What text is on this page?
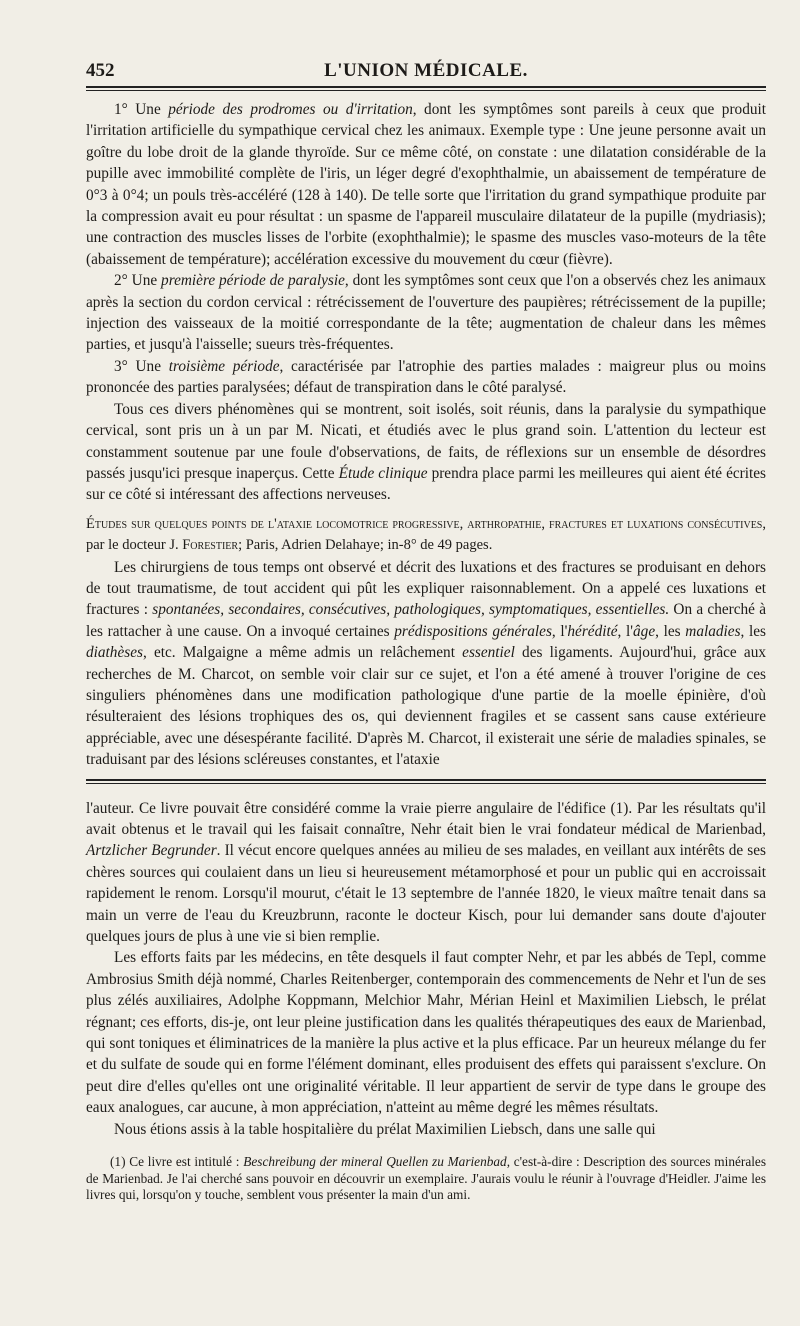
452	L'UNION MÉDICALE.

1° Une période des prodromes ou d'irritation, dont les symptômes sont pareils à ceux que produit l'irritation artificielle du sympathique cervical chez les animaux. Exemple type : Une jeune personne avait un goître du lobe droit de la glande thyroïde. Sur ce même côté, on constate : une dilatation considérable de la pupille avec immobilité complète de l'iris, un léger degré d'exophthalmie, un abaissement de température de 0°3 à 0°4; un pouls très-accéléré (128 à 140). De telle sorte que l'irritation du grand sympathique produite par la compression avait eu pour résultat : un spasme de l'appareil musculaire dilatateur de la pupille (mydriasis); une contraction des muscles lisses de l'orbite (exophthalmie); le spasme des muscles vaso-moteurs de la tête (abaissement de température); accélération excessive du mouvement du cœur (fièvre).

2° Une première période de paralysie, dont les symptômes sont ceux que l'on a observés chez les animaux après la section du cordon cervical : rétrécissement de l'ouverture des paupières; rétrécissement de la pupille; injection des vaisseaux de la moitié correspondante de la tête; augmentation de chaleur dans les mêmes parties, et jusqu'à l'aisselle; sueurs très-fréquentes.

3° Une troisième période, caractérisée par l'atrophie des parties malades : maigreur plus ou moins prononcée des parties paralysées; défaut de transpiration dans le côté paralysé.

Tous ces divers phénomènes qui se montrent, soit isolés, soit réunis, dans la paralysie du sympathique cervical, sont pris un à un par M. Nicati, et étudiés avec le plus grand soin. L'attention du lecteur est constamment soutenue par une foule d'observations, de faits, de réflexions sur un ensemble de désordres passés jusqu'ici presque inaperçus. Cette Étude clinique prendra place parmi les meilleures qui aient été écrites sur ce côté si intéressant des affections nerveuses.

Études sur quelques points de l'ataxie locomotrice progressive, arthropathie, fractures et luxations consécutives, par le docteur J. Forestier; Paris, Adrien Delahaye; in-8° de 49 pages.

Les chirurgiens de tous temps ont observé et décrit des luxations et des fractures se produisant en dehors de tout traumatisme, de tout accident qui pût les expliquer raisonnablement. On a appelé ces luxations et fractures : spontanées, secondaires, consécutives, pathologiques, symptomatiques, essentielles. On a cherché à les rattacher à une cause. On a invoqué certaines prédispositions générales, l'hérédité, l'âge, les maladies, les diathèses, etc. Malgaigne a même admis un relâchement essentiel des ligaments. Aujourd'hui, grâce aux recherches de M. Charcot, on semble voir clair sur ce sujet, et l'on a été amené à trouver l'origine de ces singuliers phénomènes dans une modification pathologique d'une partie de la moelle épinière, d'où résulteraient des lésions trophiques des os, qui deviennent fragiles et se cassent sans cause extérieure appréciable, avec une désespérante facilité. D'après M. Charcot, il existerait une série de maladies spinales, se traduisant par des lésions scléreuses constantes, et l'ataxie

l'auteur. Ce livre pouvait être considéré comme la vraie pierre angulaire de l'édifice (1). Par les résultats qu'il avait obtenus et le travail qui les faisait connaître, Nehr était bien le vrai fondateur médical de Marienbad, Artzlicher Begrunder. Il vécut encore quelques années au milieu de ses malades, en veillant aux intérêts de ses chères sources qui coulaient dans un lieu si heureusement métamorphosé et pour un public qui en accroissait rapidement le renom. Lorsqu'il mourut, c'était le 13 septembre de l'année 1820, le vieux maître tenait dans sa main un verre de l'eau du Kreuzbrunn, raconte le docteur Kisch, pour lui demander sans doute d'ajouter quelques jours de plus à une vie si bien remplie.

Les efforts faits par les médecins, en tête desquels il faut compter Nehr, et par les abbés de Tepl, comme Ambrosius Smith déjà nommé, Charles Reitenberger, contemporain des commencements de Nehr et l'un de ses plus zélés auxiliaires, Adolphe Koppmann, Melchior Mahr, Mérian Heinl et Maximilien Liebsch, le prélat régnant; ces efforts, dis-je, ont leur pleine justification dans les qualités thérapeutiques des eaux de Marienbad, qui sont toniques et éliminatrices de la manière la plus active et la plus efficace. Par un heureux mélange du fer et du sulfate de soude qui en forme l'élément dominant, elles produisent des effets qui paraissent s'exclure. On peut dire d'elles qu'elles ont une originalité véritable. Il leur appartient de servir de type dans le groupe des eaux analogues, car aucune, à mon appréciation, n'atteint au même degré les mêmes résultats.

Nous étions assis à la table hospitalière du prélat Maximilien Liebsch, dans une salle qui

(1) Ce livre est intitulé : Beschreibung der mineral Quellen zu Marienbad, c'est-à-dire : Description des sources minérales de Marienbad. Je l'ai cherché sans pouvoir en découvrir un exemplaire. J'aurais voulu le réunir à l'ouvrage d'Heidler. J'aime les livres qui, lorsqu'on y touche, semblent vous présenter la main d'un ami.
